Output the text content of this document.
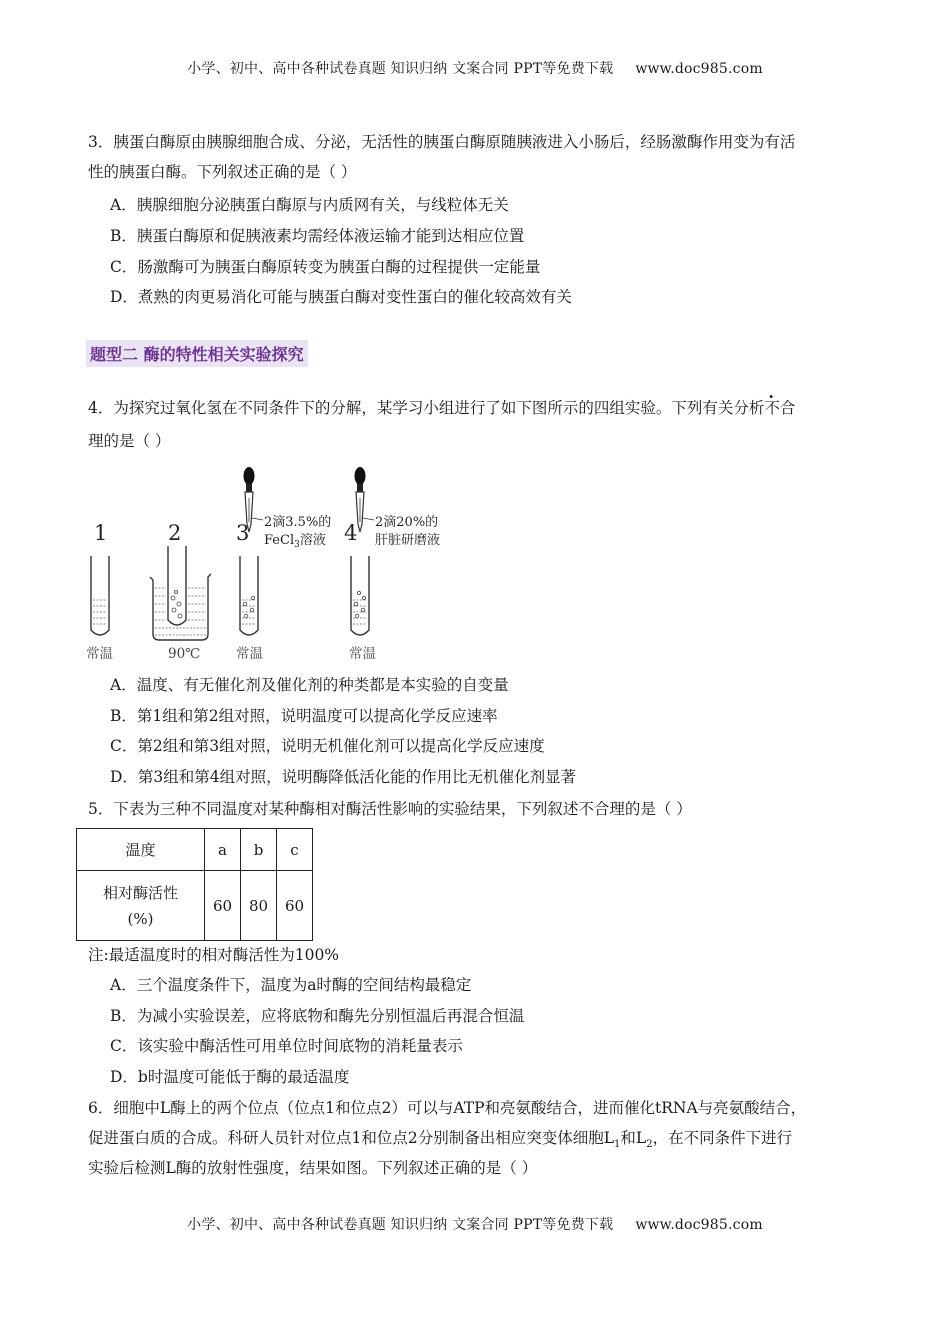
小学、初中、高中各种试卷真题 知识归纳 文案合同 PPT等免费下载 www.doc985.com
3．胰蛋白酶原由胰腺细胞合成、分泌，无活性的胰蛋白酶原随胰液进入小肠后，经肠激酶作用变为有活
性的胰蛋白酶。下列叙述正确的是（ ）
A．胰腺细胞分泌胰蛋白酶原与内质网有关，与线粒体无关
B．胰蛋白酶原和促胰液素均需经体液运输才能到达相应位置
C．肠激酶可为胰蛋白酶原转变为胰蛋白酶的过程提供一定能量
D．煮熟的肉更易消化可能与胰蛋白酶对变性蛋白的催化较高效有关
题型二 酶的特性相关实验探究
4．为探究过氧化氢在不同条件下的分解，某学习小组进行了如下图所示的四组实验。下列有关分析不合
理的是（ ）
1	2	3	4
2滴3.5%的
FeCl$_3$溶液
2滴20%的
肝脏研磨液
常温	90℃	常温	常温
A．温度、有无催化剂及催化剂的种类都是本实验的自变量
B．第1组和第2组对照，说明温度可以提高化学反应速率
C．第2组和第3组对照，说明无机催化剂可以提高化学反应速度
D．第3组和第4组对照，说明酶降低活化能的作用比无机催化剂显著
5．下表为三种不同温度对某种酶相对酶活性影响的实验结果，下列叙述不合理的是（ ）
温度	a	b	c

相对酶活性
(%)	60	80	60
注:最适温度时的相对酶活性为100%
A．三个温度条件下，温度为a时酶的空间结构最稳定
B．为减小实验误差，应将底物和酶先分别恒温后再混合恒温
C．该实验中酶活性可用单位时间底物的消耗量表示
D．b时温度可能低于酶的最适温度
6．细胞中L酶上的两个位点（位点1和位点2）可以与ATP和亮氨酸结合，进而催化tRNA与亮氨酸结合，
促进蛋白质的合成。科研人员针对位点1和位点2分别制备出相应突变体细胞$L_1$和$L_2$，在不同条件下进行
实验后检测L酶的放射性强度，结果如图。下列叙述正确的是（ ）
小学、初中、高中各种试卷真题 知识归纳 文案合同 PPT等免费下载 www.doc985.com
